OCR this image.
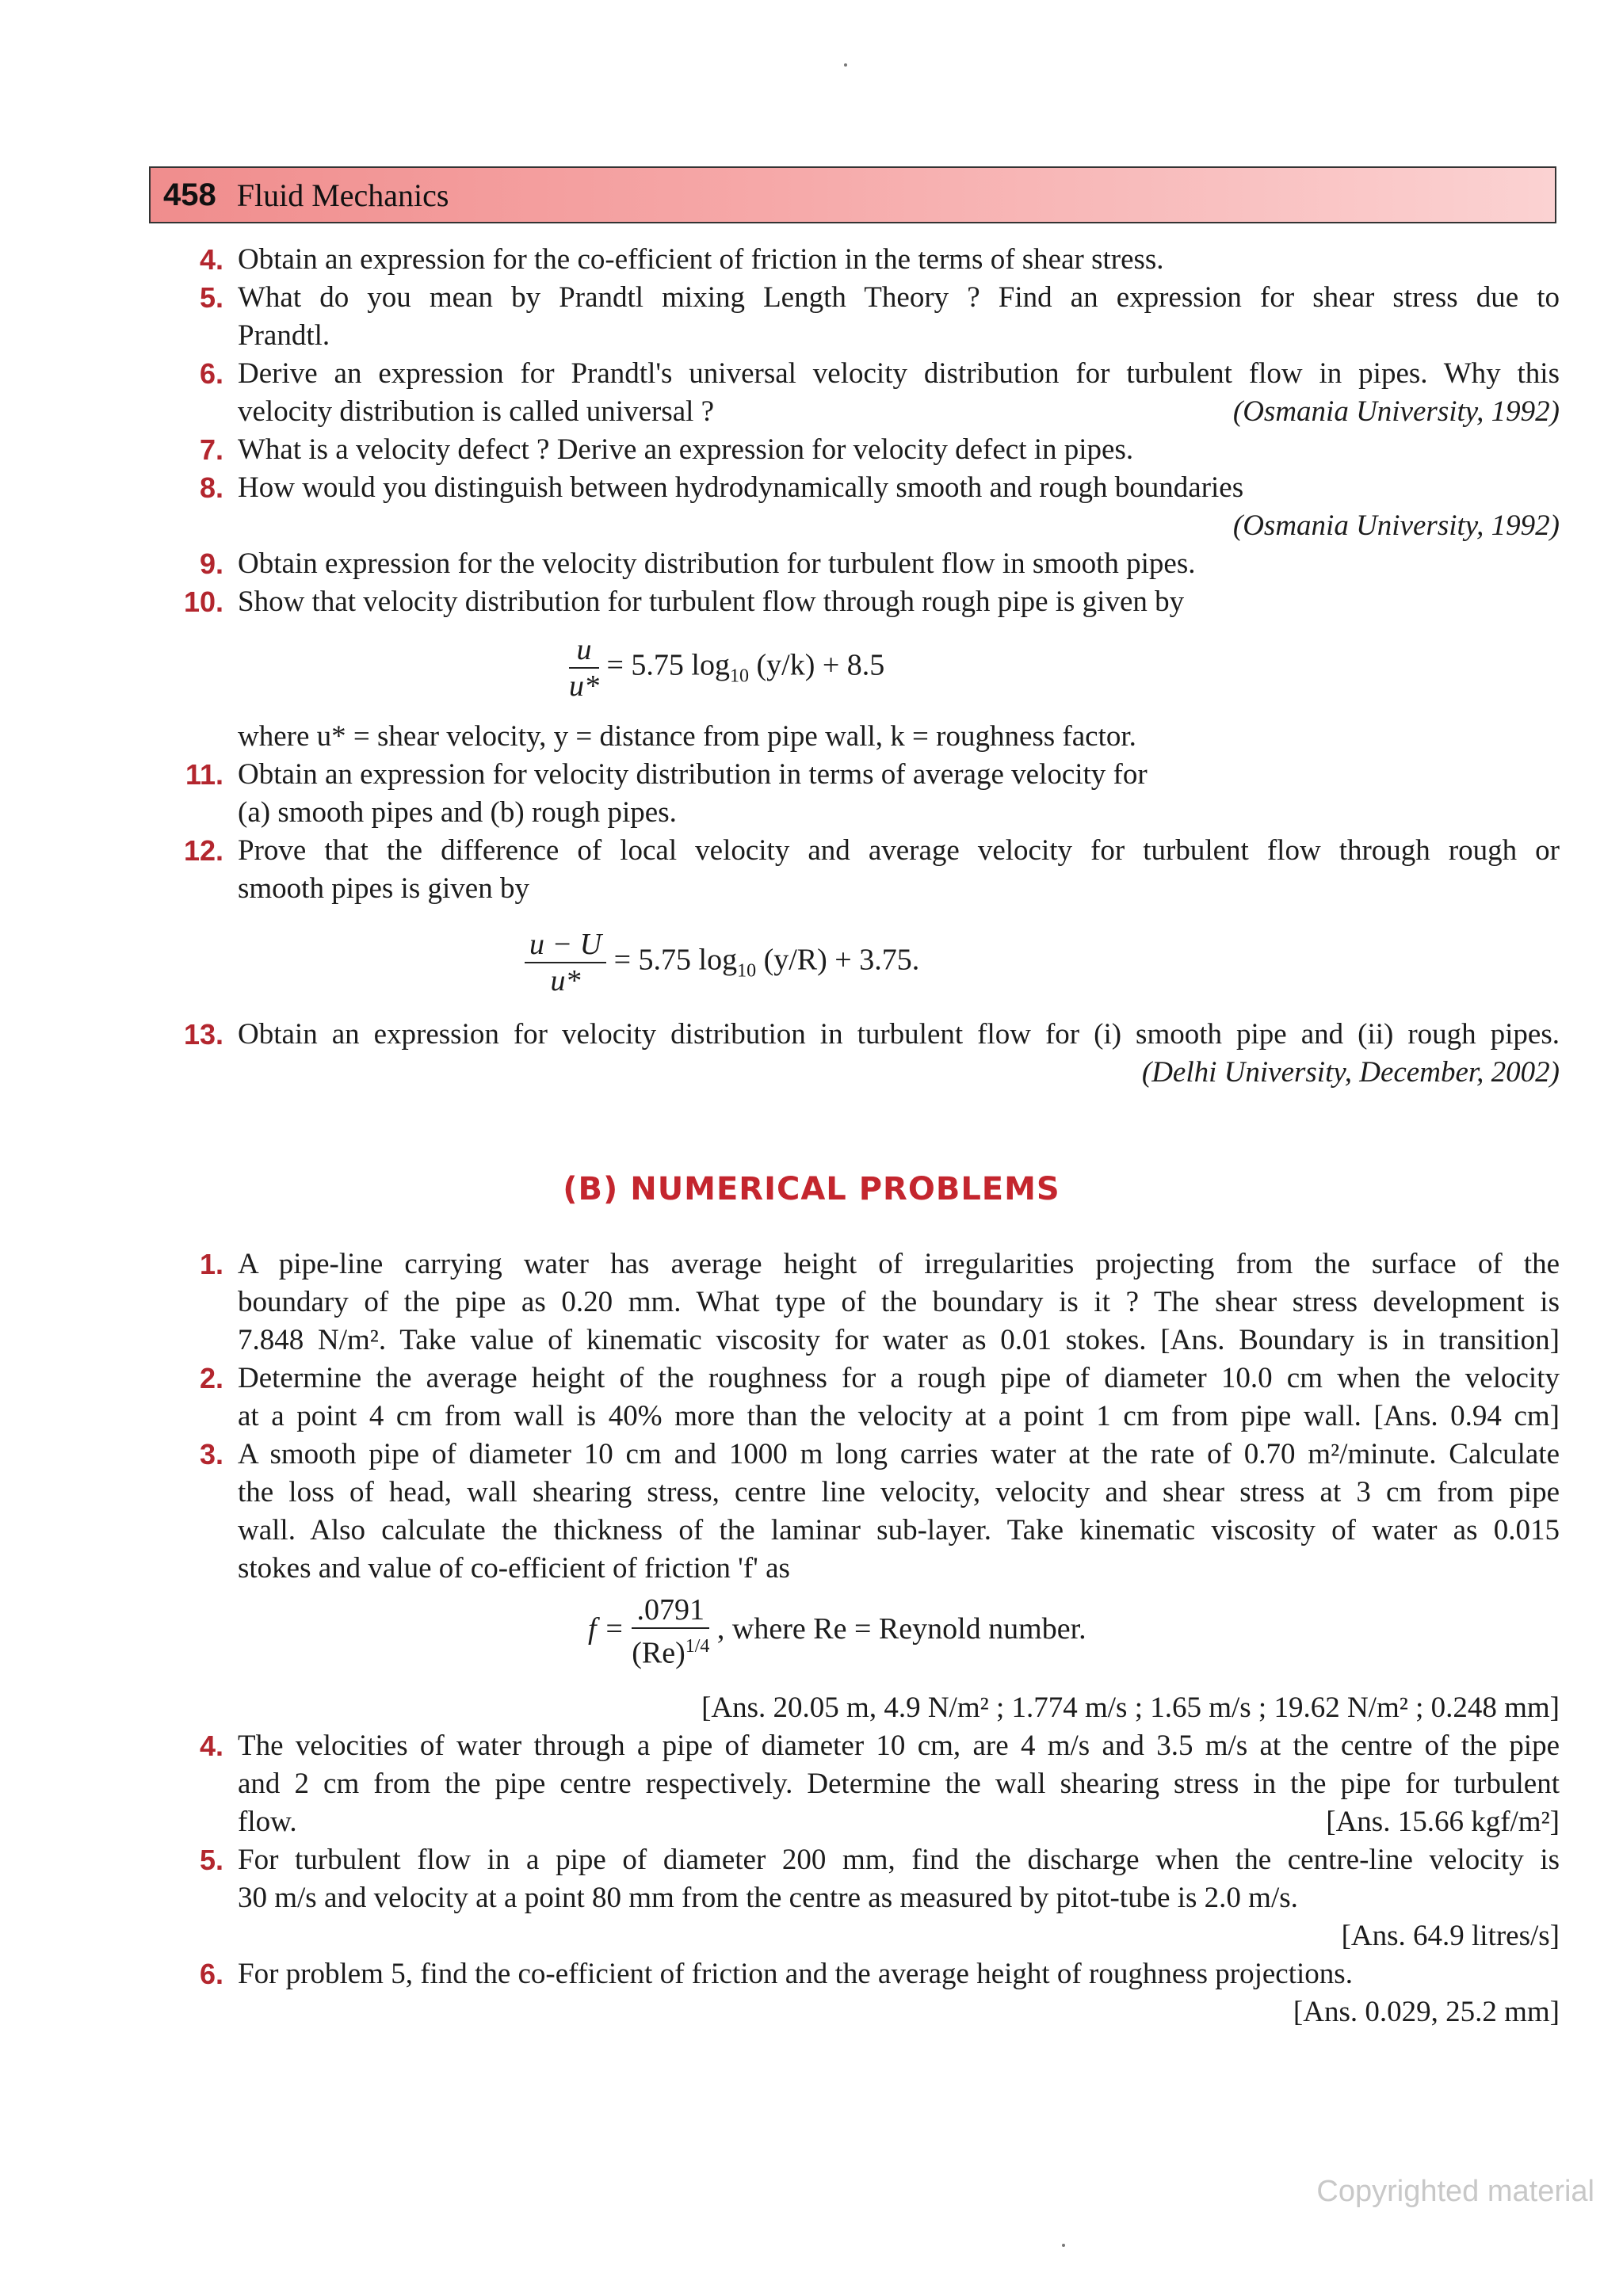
458 Fluid Mechanics
4. Obtain an expression for the co-efficient of friction in the terms of shear stress.
5. What do you mean by Prandtl mixing Length Theory ? Find an expression for shear stress due to
Prandtl.
6. Derive an expression for Prandtl's universal velocity distribution for turbulent flow in pipes. Why this
velocity distribution is called universal ?	(Osmania University, 1992)
7. What is a velocity defect ? Derive an expression for velocity defect in pipes.
8. How would you distinguish between hydrodynamically smooth and rough boundaries
(Osmania University, 1992)
9. Obtain expression for the velocity distribution for turbulent flow in smooth pipes.
10. Show that velocity distribution for turbulent flow through rough pipe is given by
$\frac{u}{u*} = 5.75$ $\log_{10} (y/k) + 8.5$
where u* = shear velocity, y = distance from pipe wall, k = roughness factor.
11. Obtain an expression for velocity distribution in terms of average velocity for
(a) smooth pipes and (b) rough pipes.
12. Prove that the difference of local velocity and average velocity for turbulent flow through rough or
smooth pipes is given by
$\frac{u - U}{u*} = 5.75$ $\log_{10} (y/R) + 3.75$.
13. Obtain an expression for velocity distribution in turbulent flow for (i) smooth pipe and (ii) rough pipes.
(Delhi University, December, 2002)
(B) NUMERICAL PROBLEMS
1. A pipe-line carrying water has average height of irregularities projecting from the surface of the
boundary of the pipe as 0.20 mm. What type of the boundary is it ? The shear stress development is
7.848 N/m². Take value of kinematic viscosity for water as 0.01 stokes. [Ans. Boundary is in transition]
2. Determine the average height of the roughness for a rough pipe of diameter 10.0 cm when the velocity
at a point 4 cm from wall is 40% more than the velocity at a point 1 cm from pipe wall. [Ans. 0.94 cm]
3. A smooth pipe of diameter 10 cm and 1000 m long carries water at the rate of 0.70 m²/minute. Calculate
the loss of head, wall shearing stress, centre line velocity, velocity and shear stress at 3 cm from pipe
wall. Also calculate the thickness of the laminar sub-layer. Take kinematic viscosity of water as 0.015
stokes and value of co-efficient of friction 'f' as
$f = \frac{.0791}{(Re)^{1/4}}$ , where Re = Reynold number.
[Ans. 20.05 m, 4.9 N/m² ; 1.774 m/s ; 1.65 m/s ; 19.62 N/m² ; 0.248 mm]
4. The velocities of water through a pipe of diameter 10 cm, are 4 m/s and 3.5 m/s at the centre of the pipe
and 2 cm from the pipe centre respectively. Determine the wall shearing stress in the pipe for turbulent
flow.	[Ans. 15.66 kgf/m²]
5. For turbulent flow in a pipe of diameter 200 mm, find the discharge when the centre-line velocity is
30 m/s and velocity at a point 80 mm from the centre as measured by pitot-tube is 2.0 m/s.
[Ans. 64.9 litres/s]
6. For problem 5, find the co-efficient of friction and the average height of roughness projections.
[Ans. 0.029, 25.2 mm]
Copyrighted material
